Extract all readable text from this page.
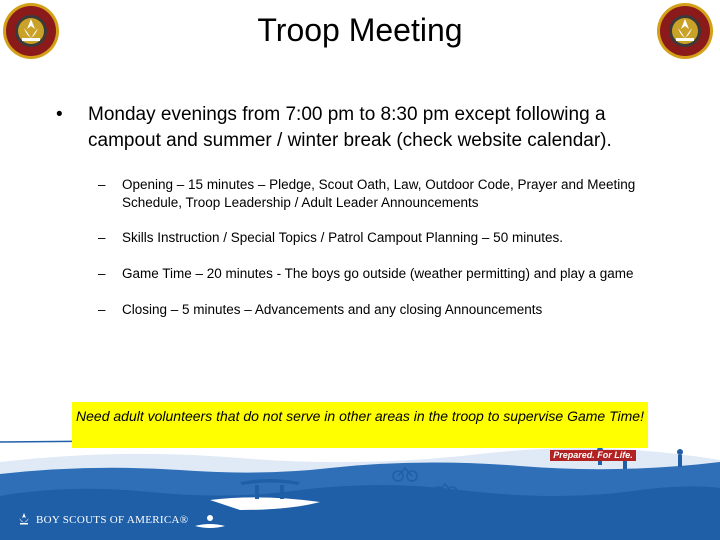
Troop Meeting
•	Monday evenings from 7:00 pm to 8:30 pm except following a campout and summer / winter break (check website calendar).
–	Opening – 15 minutes – Pledge, Scout Oath, Law, Outdoor Code, Prayer and Meeting Schedule, Troop Leadership / Adult Leader Announcements
–	Skills Instruction / Special Topics / Patrol Campout Planning – 50 minutes.
–	Game Time – 20 minutes - The boys go outside (weather permitting) and play a game
–	Closing – 5 minutes – Advancements and any closing Announcements
Need adult volunteers that do not serve in other areas in the troop to supervise Game Time!
Prepared. For Life.
BOY SCOUTS OF AMERICA®
